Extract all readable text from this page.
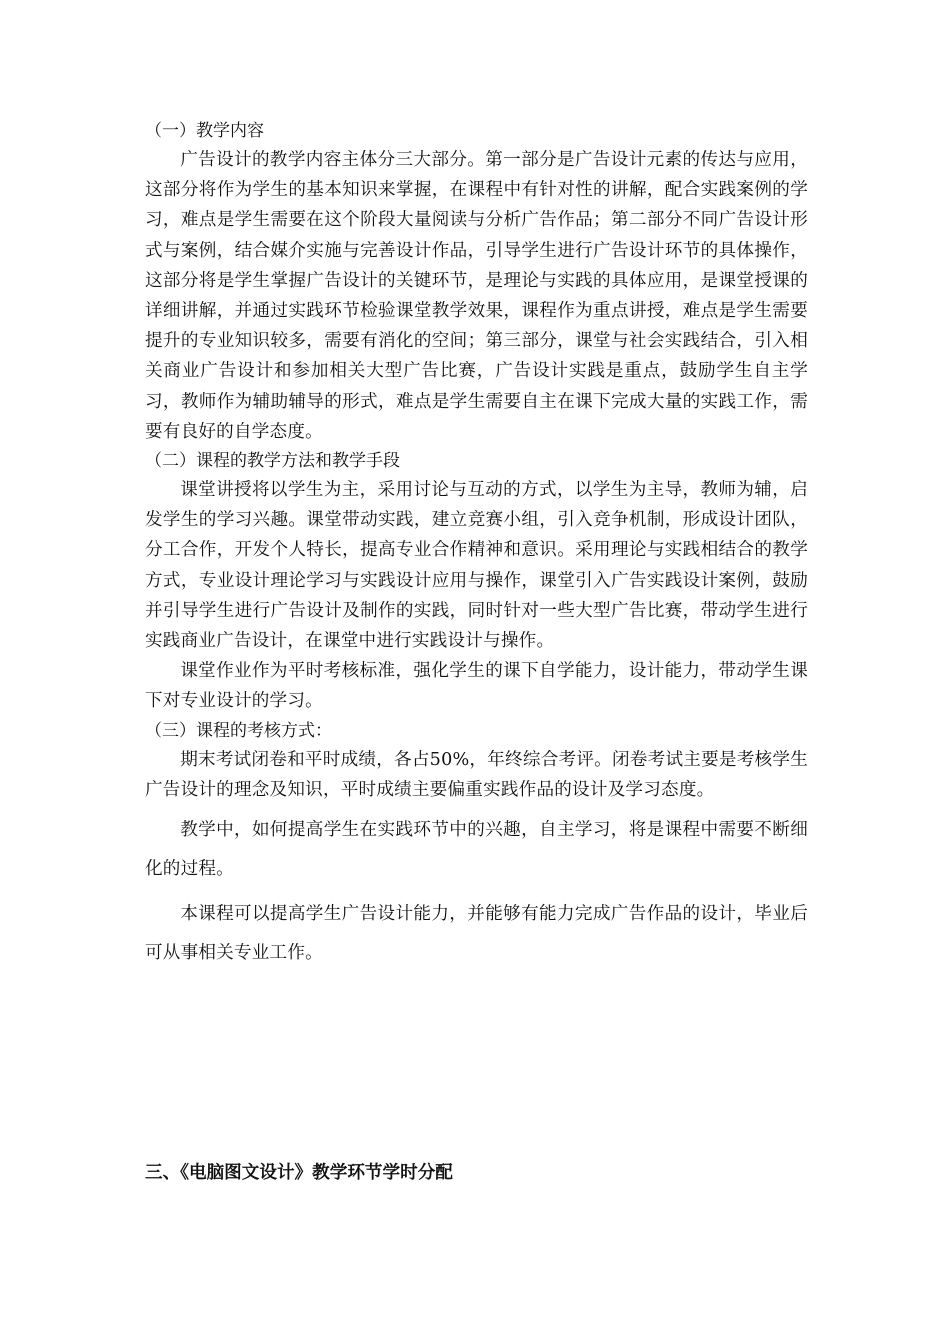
（一）教学内容

广告设计的教学内容主体分三大部分。第一部分是广告设计元素的传达与应用，这部分将作为学生的基本知识来掌握，在课程中有针对性的讲解，配合实践案例的学习，难点是学生需要在这个阶段大量阅读与分析广告作品；第二部分不同广告设计形式与案例，结合媒介实施与完善设计作品，引导学生进行广告设计环节的具体操作，这部分将是学生掌握广告设计的关键环节，是理论与实践的具体应用，是课堂授课的详细讲解，并通过实践环节检验课堂教学效果，课程作为重点讲授，难点是学生需要提升的专业知识较多，需要有消化的空间；第三部分，课堂与社会实践结合，引入相关商业广告设计和参加相关大型广告比赛，广告设计实践是重点，鼓励学生自主学习，教师作为辅助辅导的形式，难点是学生需要自主在课下完成大量的实践工作，需要有良好的自学态度。

（二）课程的教学方法和教学手段

课堂讲授将以学生为主，采用讨论与互动的方式，以学生为主导，教师为辅，启发学生的学习兴趣。课堂带动实践，建立竞赛小组，引入竞争机制，形成设计团队，分工合作，开发个人特长，提高专业合作精神和意识。采用理论与实践相结合的教学方式，专业设计理论学习与实践设计应用与操作，课堂引入广告实践设计案例，鼓励并引导学生进行广告设计及制作的实践，同时针对一些大型广告比赛，带动学生进行实践商业广告设计，在课堂中进行实践设计与操作。

课堂作业作为平时考核标准，强化学生的课下自学能力，设计能力，带动学生课下对专业设计的学习。

（三）课程的考核方式：

期末考试闭卷和平时成绩，各占50%，年终综合考评。闭卷考试主要是考核学生广告设计的理念及知识，平时成绩主要偏重实践作品的设计及学习态度。

教学中，如何提高学生在实践环节中的兴趣，自主学习，将是课程中需要不断细化的过程。

本课程可以提高学生广告设计能力，并能够有能力完成广告作品的设计，毕业后可从事相关专业工作。

三、《电脑图文设计》教学环节学时分配
